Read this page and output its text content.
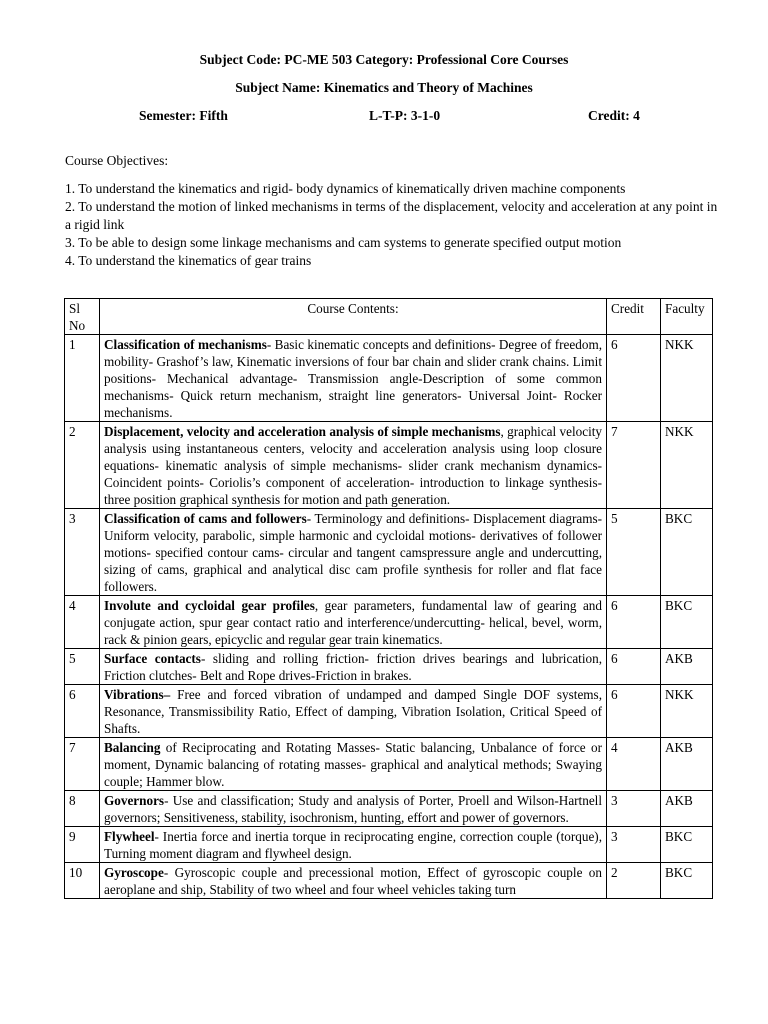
Subject Code: PC-ME 503 Category: Professional Core Courses
Subject Name: Kinematics and Theory of Machines
Semester: Fifth	L-T-P: 3-1-0	Credit: 4
Course Objectives:
1. To understand the kinematics and rigid- body dynamics of kinematically driven machine components
2. To understand the motion of linked mechanisms in terms of the displacement, velocity and acceleration at any point in a rigid link
3. To be able to design some linkage mechanisms and cam systems to generate specified output motion
4. To understand the kinematics of gear trains
Sl No	Course Contents:	Credit	Faculty
1	Classification of mechanisms- Basic kinematic concepts and definitions- Degree of freedom, mobility- Grashof’s law, Kinematic inversions of four bar chain and slider crank chains. Limit positions- Mechanical advantage- Transmission angle-Description of some common mechanisms- Quick return mechanism, straight line generators- Universal Joint- Rocker mechanisms.	6	NKK
2	Displacement, velocity and acceleration analysis of simple mechanisms, graphical velocity analysis using instantaneous centers, velocity and acceleration analysis using loop closure equations- kinematic analysis of simple mechanisms- slider crank mechanism dynamics- Coincident points- Coriolis’s component of acceleration- introduction to linkage synthesis- three position graphical synthesis for motion and path generation.	7	NKK
3	Classification of cams and followers- Terminology and definitions- Displacement diagrams- Uniform velocity, parabolic, simple harmonic and cycloidal motions- derivatives of follower motions- specified contour cams- circular and tangent camspressure angle and undercutting, sizing of cams, graphical and analytical disc cam profile synthesis for roller and flat face followers.	5	BKC
4	Involute and cycloidal gear profiles, gear parameters, fundamental law of gearing and conjugate action, spur gear contact ratio and interference/undercutting- helical, bevel, worm, rack & pinion gears, epicyclic and regular gear train kinematics.	6	BKC
5	Surface contacts- sliding and rolling friction- friction drives bearings and lubrication, Friction clutches- Belt and Rope drives-Friction in brakes.	6	AKB
6	Vibrations– Free and forced vibration of undamped and damped Single DOF systems, Resonance, Transmissibility Ratio, Effect of damping, Vibration Isolation, Critical Speed of Shafts.	6	NKK
7	Balancing of Reciprocating and Rotating Masses- Static balancing, Unbalance of force or moment, Dynamic balancing of rotating masses- graphical and analytical methods; Swaying couple; Hammer blow.	4	AKB
8	Governors- Use and classification; Study and analysis of Porter, Proell and Wilson-Hartnell governors; Sensitiveness, stability, isochronism, hunting, effort and power of governors.	3	AKB
9	Flywheel- Inertia force and inertia torque in reciprocating engine, correction couple (torque), Turning moment diagram and flywheel design.	3	BKC
10	Gyroscope- Gyroscopic couple and precessional motion, Effect of gyroscopic couple on aeroplane and ship, Stability of two wheel and four wheel vehicles taking turn	2	BKC
